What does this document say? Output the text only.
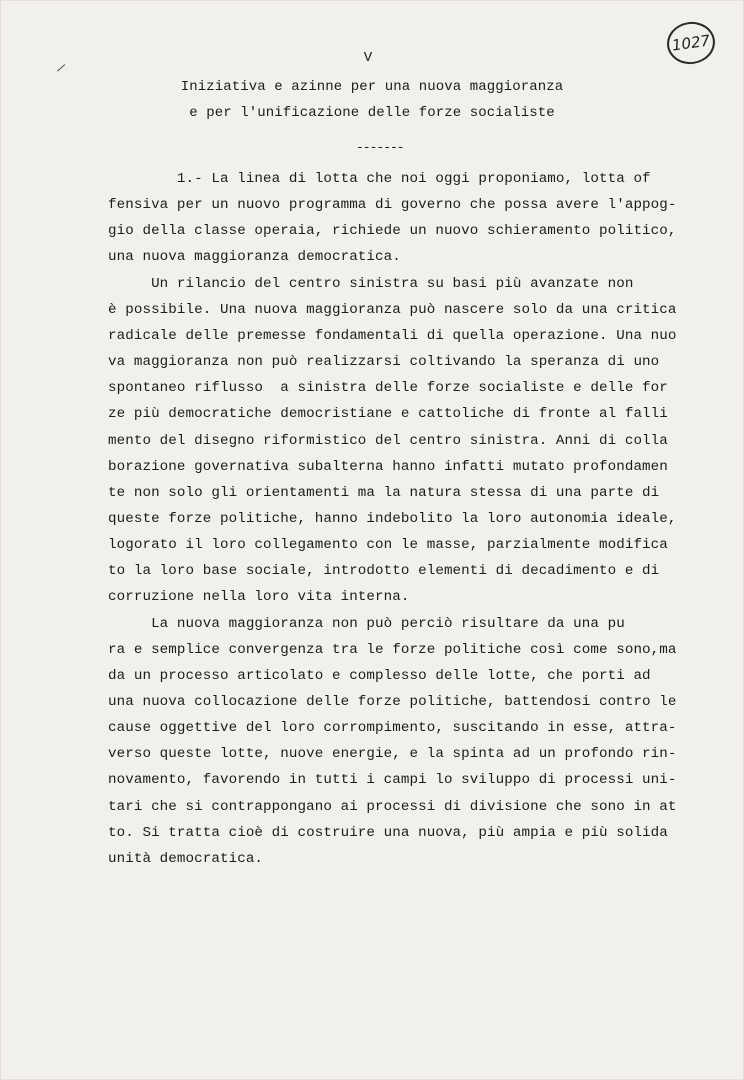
1027
/
V
Iniziativa e azinne per una nuova maggioranza
e per l'unificazione delle forze socialiste
-------
1.- La linea di lotta che noi oggi proponiamo, lotta of
fensiva per un nuovo programma di governo che possa avere l'appog-
gio della classe operaia, richiede un nuovo schieramento politico,
una nuova maggioranza democratica.
Un rilancio del centro sinistra su basi più avanzate non
è possibile. Una nuova maggioranza può nascere solo da una critica
radicale delle premesse fondamentali di quella operazione. Una nuo
va maggioranza non può realizzarsi coltivando la speranza di uno
spontaneo riflusso  a sinistra delle forze socialiste e delle for
ze più democratiche democristiane e cattoliche di fronte al falli
mento del disegno riformistico del centro sinistra. Anni di colla
borazione governativa subalterna hanno infatti mutato profondamen
te non solo gli orientamenti ma la natura stessa di una parte di
queste forze politiche, hanno indebolito la loro autonomia ideale,
logorato il loro collegamento con le masse, parzialmente modifica
to la loro base sociale, introdotto elementi di decadimento e di
corruzione nella loro vita interna.
La nuova maggioranza non può perciò risultare da una pu
ra e semplice convergenza tra le forze politiche così come sono,ma
da un processo articolato e complesso delle lotte, che porti ad
una nuova collocazione delle forze politiche, battendosi contro le
cause oggettive del loro corrompimento, suscitando in esse, attra-
verso queste lotte, nuove energie, e la spinta ad un profondo rin-
novamento, favorendo in tutti i campi lo sviluppo di processi uni-
tari che si contrappongano ai processi di divisione che sono in at
to. Si tratta cioè di costruire una nuova, più ampia e più solida
unità democratica.
